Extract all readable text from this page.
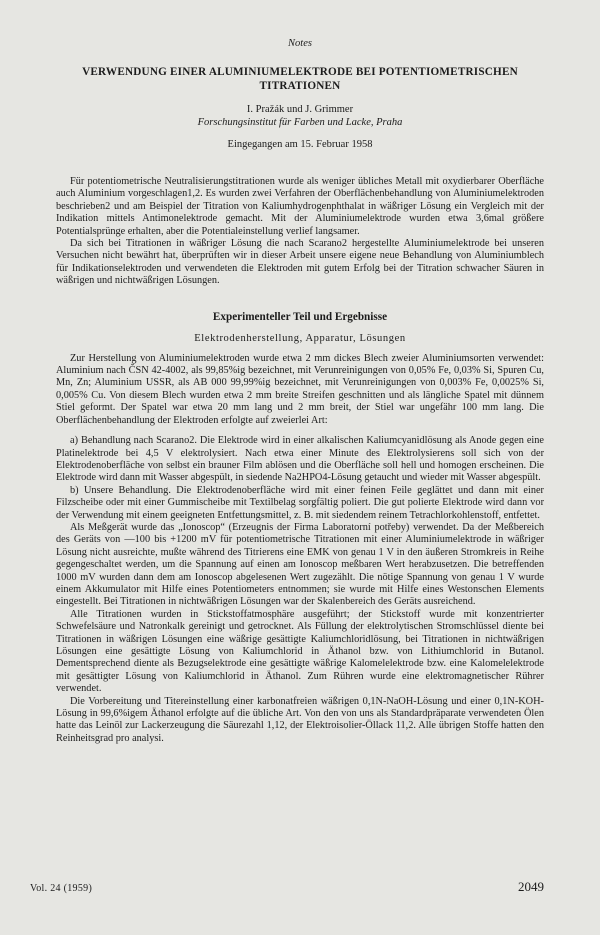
Notes
VERWENDUNG EINER ALUMINIUMELEKTRODE BEI POTENTIOMETRISCHEN TITRATIONEN
I. Pražák und J. Grimmer
Forschungsinstitut für Farben und Lacke, Praha
Eingegangen am 15. Februar 1958

Für potentiometrische Neutralisierungstitrationen wurde als weniger übliches Metall mit oxydierbarer Oberfläche auch Aluminium vorgeschlagen1,2. Es wurden zwei Verfahren der Oberflächenbehandlung von Aluminiumelektroden beschrieben2 und am Beispiel der Titration von Kaliumhydrogenphthalat in wäßriger Lösung ein Vergleich mit der Indikation mittels Antimonelektrode gemacht. Mit der Aluminiumelektrode wurden etwa 3,6mal größere Potentialsprünge erhalten, aber die Potentialeinstellung verlief langsamer.

Da sich bei Titrationen in wäßriger Lösung die nach Scarano2 hergestellte Aluminiumelektrode bei unseren Versuchen nicht bewährt hat, überprüften wir in dieser Arbeit unsere eigene neue Behandlung von Aluminiumblech für Indikationselektroden und verwendeten die Elektroden mit gutem Erfolg bei der Titration schwacher Säuren in wäßrigen und nichtwäßrigen Lösungen.

Experimenteller Teil und Ergebnisse
Elektrodenherstellung, Apparatur, Lösungen

Zur Herstellung von Aluminiumelektroden wurde etwa 2 mm dickes Blech zweier Aluminiumsorten verwendet: Aluminium nach ČSN 42-4002, als 99,85%ig bezeichnet, mit Verunreinigungen von 0,05% Fe, 0,03% Si, Spuren Cu, Mn, Zn; Aluminium USSR, als AB 000 99,99%ig bezeichnet, mit Verunreinigungen von 0,003% Fe, 0,0025% Si, 0,005% Cu. Von diesem Blech wurden etwa 2 mm breite Streifen geschnitten und als längliche Spatel mit dünnem Stiel geformt. Der Spatel war etwa 20 mm lang und 2 mm breit, der Stiel war ungefähr 100 mm lang. Die Oberflächenbehandlung der Elektroden erfolgte auf zweierlei Art:

a) Behandlung nach Scarano2. Die Elektrode wird in einer alkalischen Kaliumcyanidlösung als Anode gegen eine Platinelektrode bei 4,5 V elektrolysiert. Nach etwa einer Minute des Elektrolysierens soll sich von der Elektrodenoberfläche von selbst ein brauner Film ablösen und die Oberfläche soll hell und homogen erscheinen. Die Elektrode wird dann mit Wasser abgespült, in siedende Na2HPO4-Lösung getaucht und wieder mit Wasser abgespült.

b) Unsere Behandlung. Die Elektrodenoberfläche wird mit einer feinen Feile geglättet und dann mit einer Filzscheibe oder mit einer Gummischeibe mit Textilbelag sorgfältig poliert. Die gut polierte Elektrode wird dann vor der Verwendung mit einem geeigneten Entfettungsmittel, z. B. mit siedendem reinem Tetrachlorkohlenstoff, entfettet.

Als Meßgerät wurde das „Ionoscop“ (Erzeugnis der Firma Laboratorní potřeby) verwendet. Da der Meßbereich des Geräts von —100 bis +1200 mV für potentiometrische Titrationen mit einer Aluminiumelektrode in wäßriger Lösung nicht ausreichte, mußte während des Titrierens eine EMK von genau 1 V in den äußeren Stromkreis in Reihe gegengeschaltet werden, um die Spannung auf einen am Ionoscop meßbaren Wert herabzusetzen. Die betreffenden 1000 mV wurden dann dem am Ionoscop abgelesenen Wert zugezählt. Die nötige Spannung von genau 1 V wurde einem Akkumulator mit Hilfe eines Potentiometers entnommen; sie wurde mit Hilfe eines Westonschen Elements eingestellt. Bei Titrationen in nichtwäßrigen Lösungen war der Skalenbereich des Geräts ausreichend.

Alle Titrationen wurden in Stickstoffatmosphäre ausgeführt; der Stickstoff wurde mit konzentrierter Schwefelsäure und Natronkalk gereinigt und getrocknet. Als Füllung der elektrolytischen Stromschlüssel diente bei Titrationen in wäßrigen Lösungen eine wäßrige gesättigte Kaliumchloridlösung, bei Titrationen in nichtwäßrigen Lösungen eine gesättigte Lösung von Kaliumchlorid in Äthanol bzw. von Lithiumchlorid in Butanol. Dementsprechend diente als Bezugselektrode eine gesättigte wäßrige Kalomelelektrode bzw. eine Kalomelelektrode mit gesättigter Lösung von Kaliumchlorid in Äthanol. Zum Rühren wurde eine elektromagnetischer Rührer verwendet.

Die Vorbereitung und Titereinstellung einer karbonatfreien wäßrigen 0,1N-NaOH-Lösung und einer 0,1N-KOH-Lösung in 99,6%igem Äthanol erfolgte auf die übliche Art. Von den von uns als Standardpräparate verwendeten Ölen hatte das Leinöl zur Lackerzeugung die Säurezahl 1,12, der Elektroisolier-Öllack 11,2. Alle übrigen Stoffe hatten den Reinheitsgrad pro analysi.

Vol. 24 (1959)	2049
